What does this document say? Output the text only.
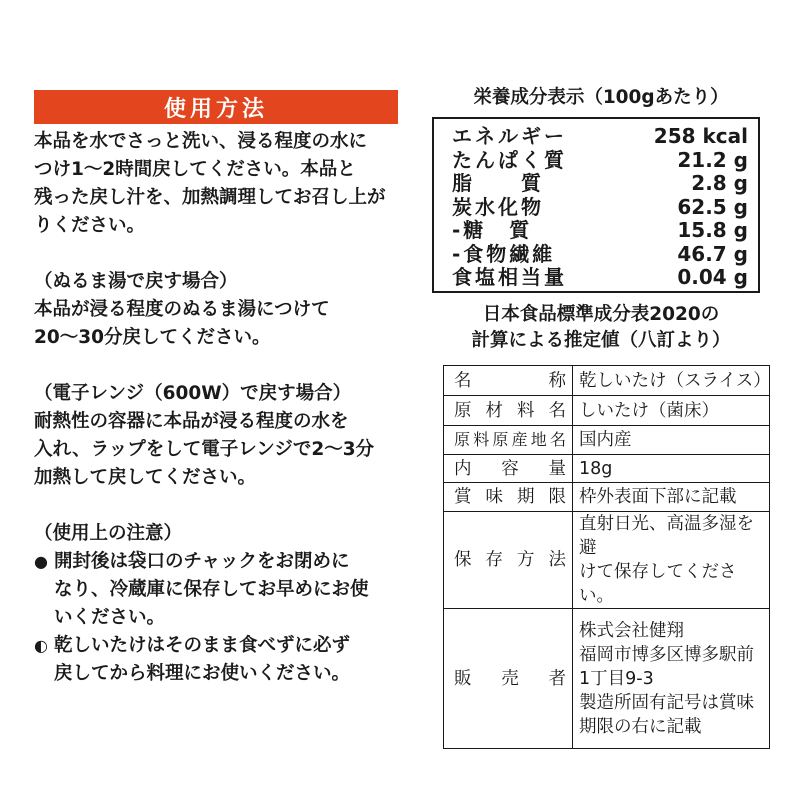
使用方法

本品を水でさっと洗い、浸る程度の水に

つけ1～2時間戻してください。本品と

残った戻し汁を、加熱調理してお召し上が

りください。

（ぬるま湯で戻す場合）

本品が浸る程度のぬるま湯につけて

20～30分戻してください。

（電子レンジ（600W）で戻す場合）

耐熱性の容器に本品が浸る程度の水を

入れ、ラップをして電子レンジで2～3分

加熱して戻してください。

（使用上の注意）

● 開封後は袋口のチャックをお閉めに
なり、冷蔵庫に保存してお早めにお使
いください。
◐ 乾しいたけはそのまま食べずに必ず
戻してから料理にお使いください。
栄養成分表示（100gあたり）
エネルギー	258 kcal
たんぱく質	21.2 g
脂　　質	2.8 g
炭水化物	62.5 g
-糖　質	15.8 g
-食物繊維	46.7 g
食塩相当量	0.04 g
日本食品標準成分表2020の
計算による推定値（八訂より）
名称	乾しいたけ（スライス）
原材料名	しいたけ（菌床）
原料原産地名	国内産
内容量	18g
賞味期限	枠外表面下部に記載
保存方法	直射日光、高温多湿を避
けて保存してください。
販売者	株式会社健翔
福岡市博多区博多駅前
1丁目9-3
製造所固有記号は賞味
期限の右に記載
